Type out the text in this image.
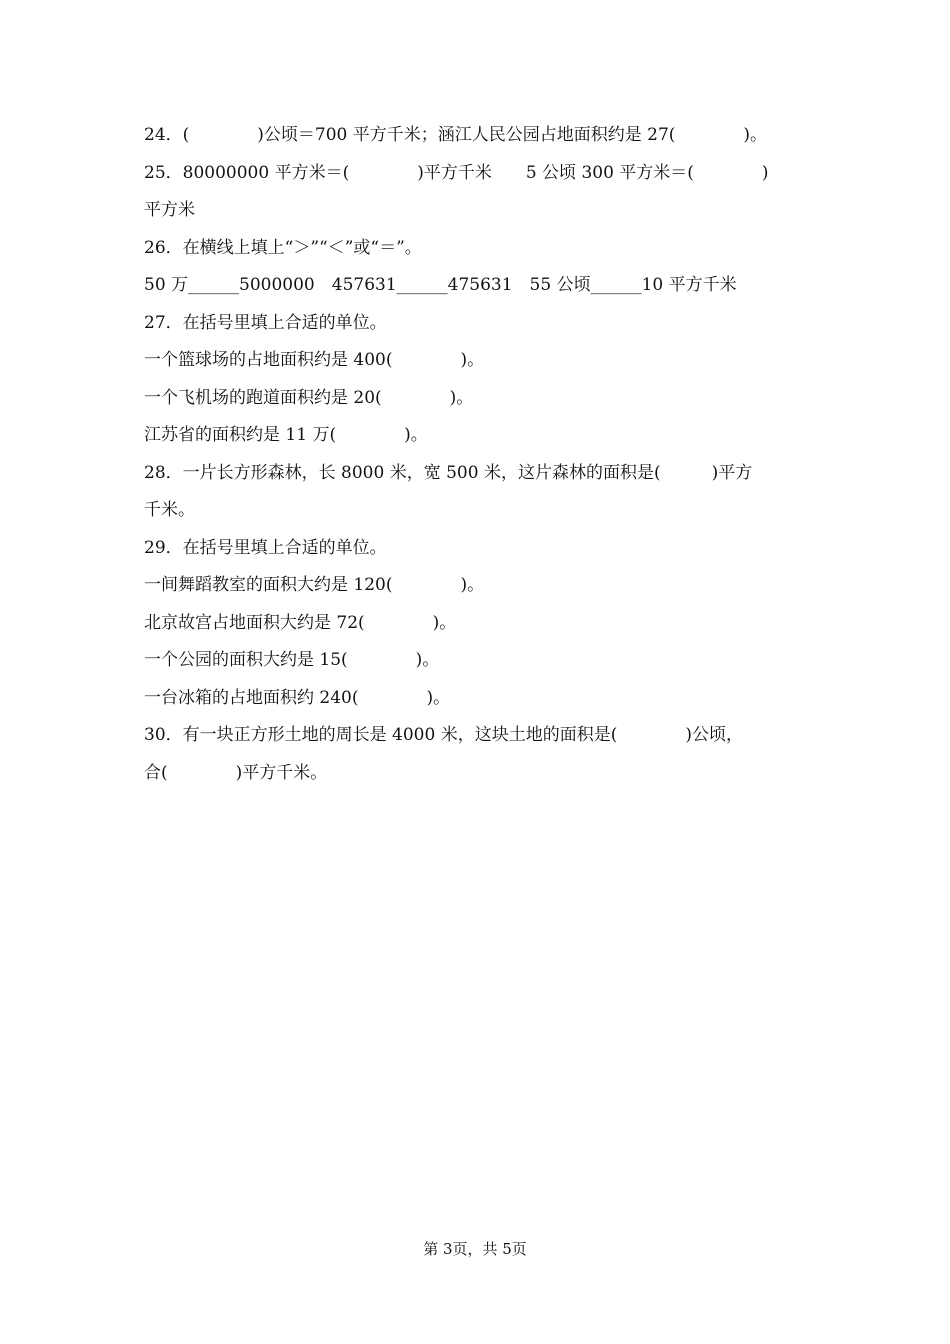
24．(　　　　)公顷＝700 平方千米；涵江人民公园占地面积约是 27(　　　　)。
25．80000000 平方米＝(　　　　)平方千米　　5 公顷 300 平方米＝(　　　　)
平方米
26．在横线上填上“＞”“＜”或“＝”。
50 万______5000000　457631______475631　55 公顷______10 平方千米
27．在括号里填上合适的单位。
一个篮球场的占地面积约是 400(　　　　)。
一个飞机场的跑道面积约是 20(　　　　)。
江苏省的面积约是 11 万(　　　　)。
28．一片长方形森林，长 8000 米，宽 500 米，这片森林的面积是(　　　)平方
千米。
29．在括号里填上合适的单位。
一间舞蹈教室的面积大约是 120(　　　　)。
北京故宫占地面积大约是 72(　　　　)。
一个公园的面积大约是 15(　　　　)。
一台冰箱的占地面积约 240(　　　　)。
30．有一块正方形土地的周长是 4000 米，这块土地的面积是(　　　　)公顷，
合(　　　　)平方千米。
第 3页，共 5页
